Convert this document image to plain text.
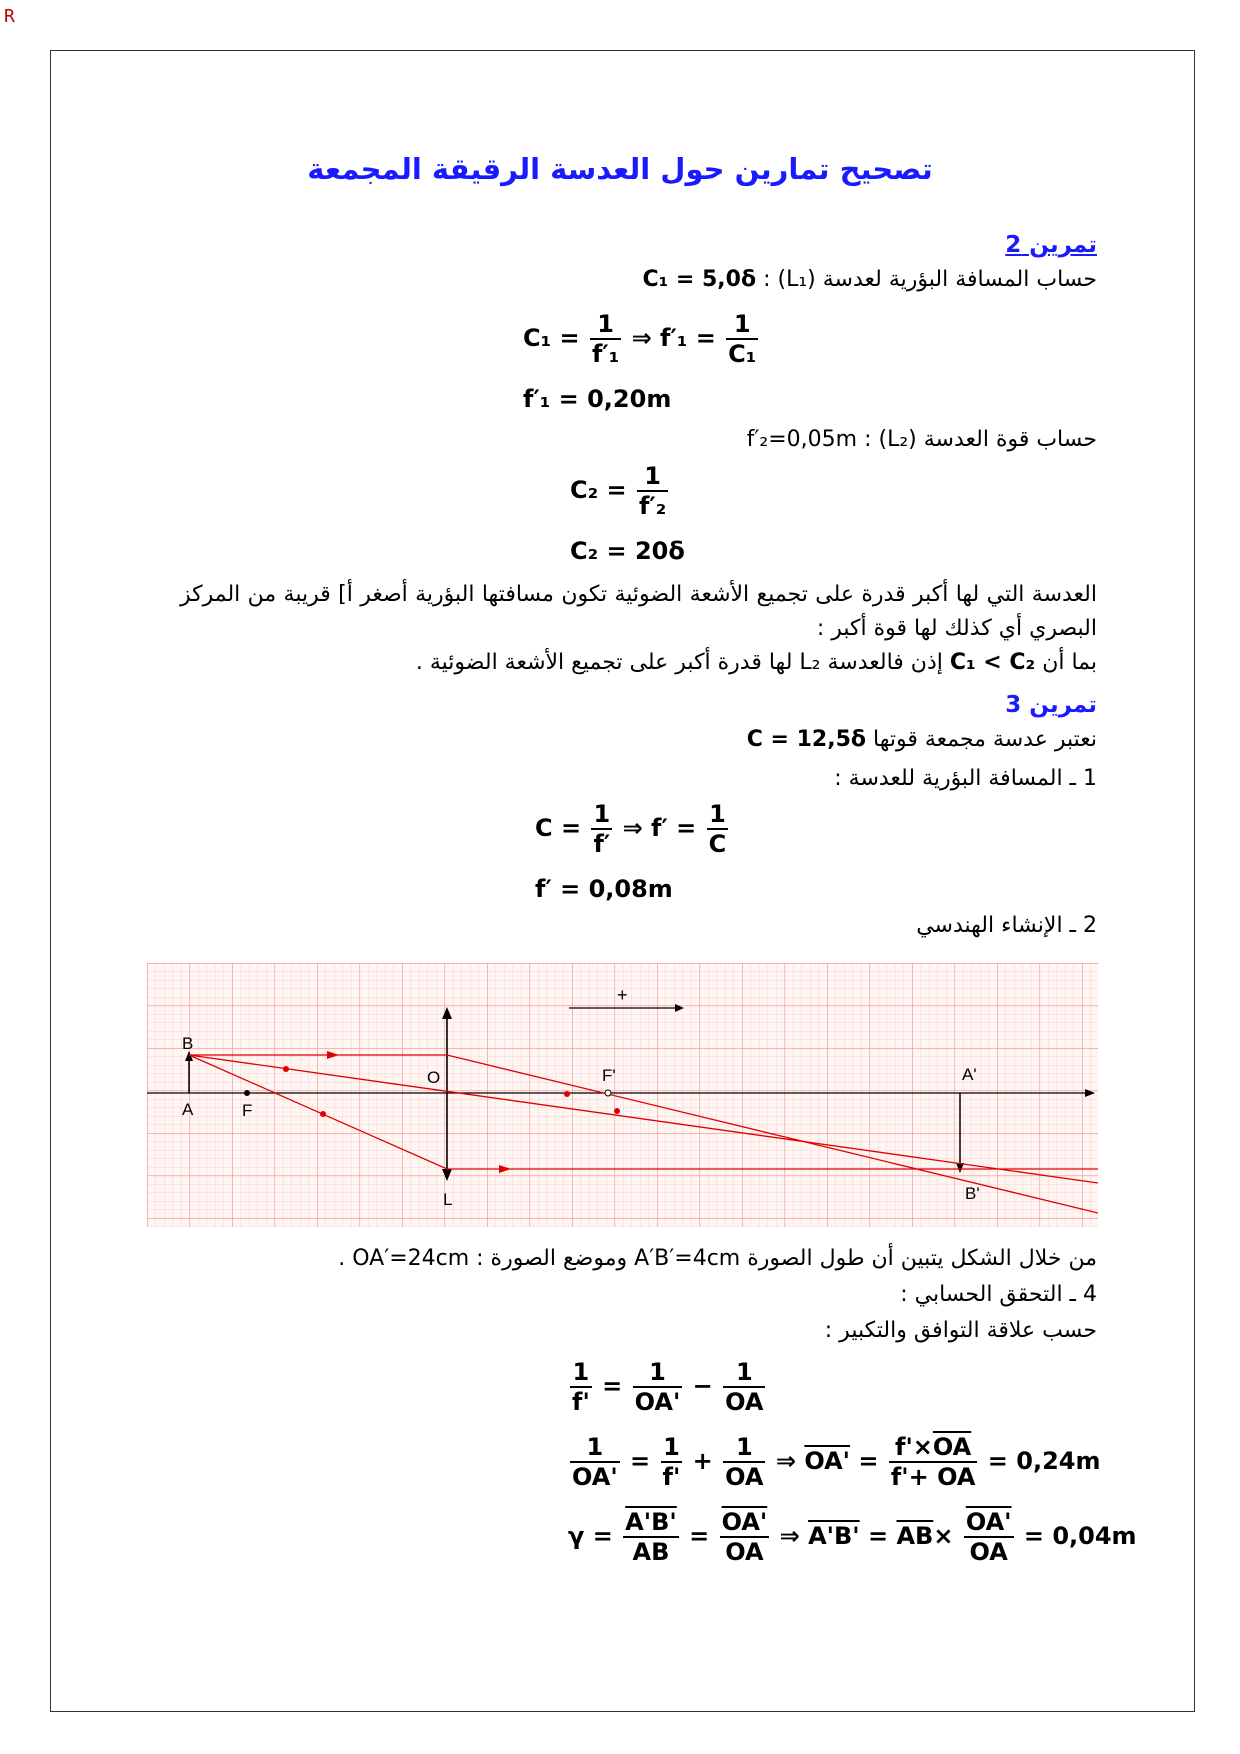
R
تصحيح تمارين حول العدسة الرقيقة المجمعة
تمرين 2
حساب المسافة البؤرية لعدسة (L₁) : C₁ = 5,0δ
$C_1 = \frac{1}{\text{f′₁}}$ ⇒ $f'_1 = \frac{1}{\text{C₁}}$
f′₁ = 0,20m
حساب قوة العدسة (L₂) : f′₂=0,05m
$C_2 = \frac{1}{\text{f′₂}}$
C₂ = 20δ
العدسة التي لها أكبر قدرة على تجميع الأشعة الضوئية تكون مسافتها البؤرية أصغر أ] قريبة من المركز البصري أي كذلك لها قوة أكبر :
بما أن C₁ < C₂ إذن فالعدسة L₂ لها قدرة أكبر على تجميع الأشعة الضوئية .
تمرين 3
نعتبر عدسة مجمعة قوتها C = 12,5δ
1 ـ المسافة البؤرية للعدسة :
$C = \frac{1}{f'}$ ⇒ $f' = \frac{1}{C}$
f′ = 0,08m
2 ـ الإنشاء الهندسي
+
B
A	F
O	F'	A'
B'
L
من خلال الشكل يتبين أن طول الصورة A′B′=4cm وموضع الصورة : OA′=24cm .
4 ـ التحقق الحسابي :
حسب علاقة التوافق والتكبير :
$\frac{1}{f'} = \frac{1}{OA'} - \frac{1}{OA}$
$\frac{1}{OA'} = \frac{1}{f'} + \frac{1}{OA}$ ⇒ $OA' = \frac{f'\times\overline{OA}}{f'+ \overline{OA}} = 0,24m$
$\gamma = \frac{A'B'}{AB} = \frac{OA'}{OA}$ ⇒ $A'B' = \overline{AB}\times \frac{OA'}{OA} = 0,04m$
